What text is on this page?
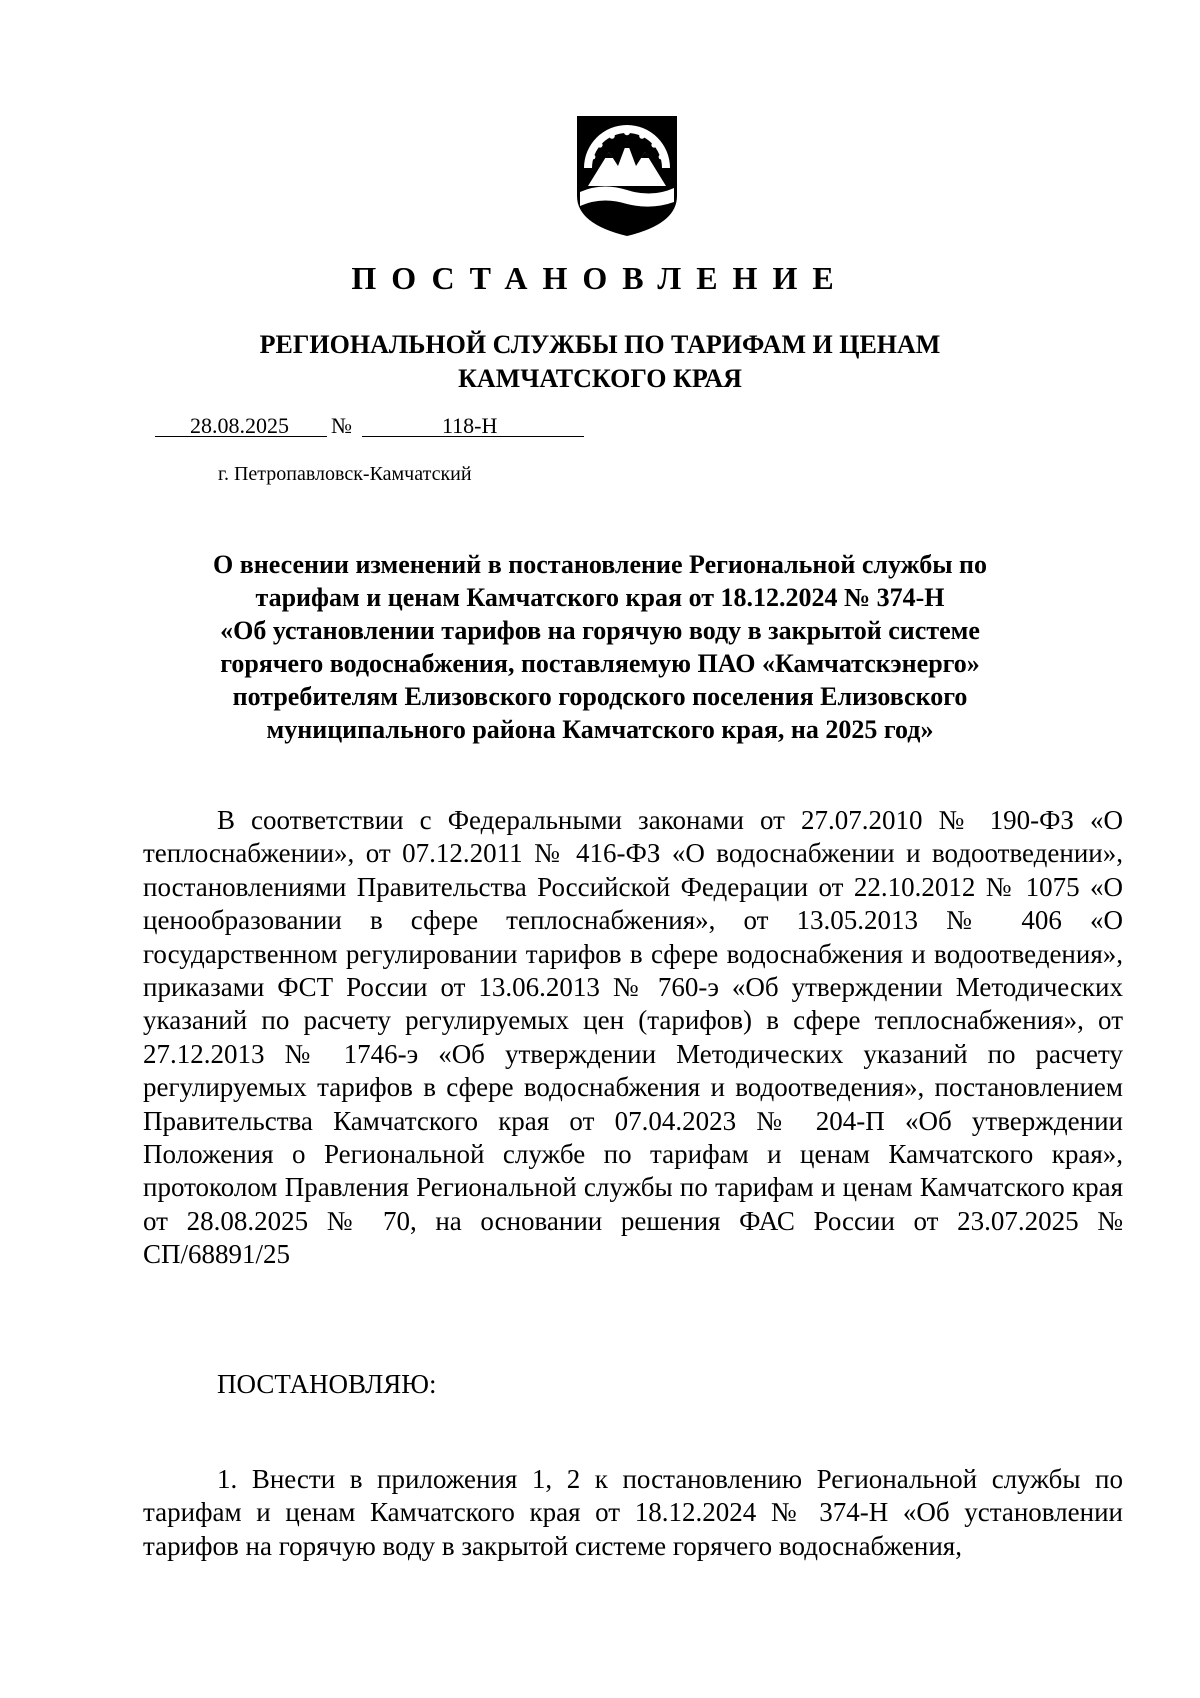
ПОСТАНОВЛЕНИЕ
РЕГИОНАЛЬНОЙ СЛУЖБЫ ПО ТАРИФАМ И ЦЕНАМ
КАМЧАТСКОГО КРАЯ
28.08.2025 №	118-Н
г. Петропавловск-Камчатский
О внесении изменений в постановление Региональной службы по
тарифам и ценам Камчатского края от 18.12.2024 № 374-Н
«Об установлении тарифов на горячую воду в закрытой системе
горячего водоснабжения, поставляемую ПАО «Камчатскэнерго»
потребителям Елизовского городского поселения Елизовского
муниципального района Камчатского края, на 2025 год»

В соответствии с Федеральными законами от 27.07.2010 № 190-ФЗ «О теплоснабжении», от 07.12.2011 № 416-ФЗ «О водоснабжении и водоотведении», постановлениями Правительства Российской Федерации от 22.10.2012 № 1075 «О ценообразовании в сфере теплоснабжения», от 13.05.2013 № 406 «О государственном регулировании тарифов в сфере водоснабжения и водоотведения», приказами ФСТ России от 13.06.2013 № 760-э «Об утверждении Методических указаний по расчету регулируемых цен (тарифов) в сфере теплоснабжения», от 27.12.2013 № 1746-э «Об утверждении Методических указаний по расчету регулируемых тарифов в сфере водоснабжения и водоотведения», постановлением Правительства Камчатского края от 07.04.2023 № 204-П «Об утверждении Положения о Региональной службе по тарифам и ценам Камчатского края», протоколом Правления Региональной службы по тарифам и ценам Камчатского края от 28.08.2025 № 70, на основании решения ФАС России от 23.07.2025 № СП/68891/25

ПОСТАНОВЛЯЮ:

1. Внести в приложения 1, 2 к постановлению Региональной службы по тарифам и ценам Камчатского края от 18.12.2024 № 374-Н «Об установлении тарифов на горячую воду в закрытой системе горячего водоснабжения,
